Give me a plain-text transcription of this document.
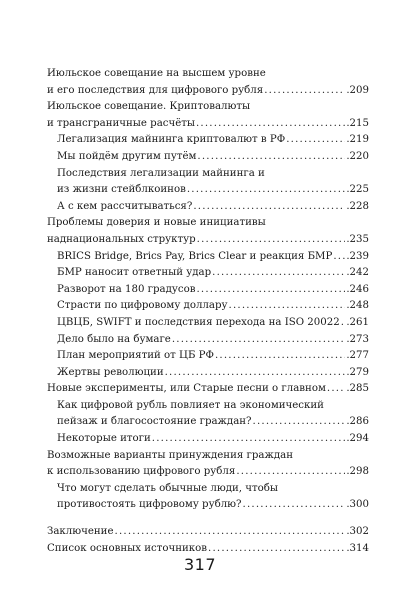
Июльское совещание на высшем уровне
и его последствия для цифрового рубля .....	.209
Июльское совещание. Криптовалюты
и трансграничные расчёты .....	.215
Легализация майнинга криптовалют в РФ .....	.219
Мы пойдём другим путём .....	.220
Последствия легализации майнинга и
из жизни стейблкоинов .....	.225
А с кем рассчитываться? .....	.228
Проблемы доверия и новые инициативы
наднациональных структур .....	.235
BRICS Bridge, Brics Pay, Brics Clear и реакция БМР ..... .239
БМР наносит ответный удар .....	.242
Разворот на 180 градусов .....	.246
Страсти по цифровому доллару .....	.248
ЦВЦБ, SWIFT и последствия перехода на ISO 20022 ..... .261
Дело было на бумаге .....	.273
План мероприятий от ЦБ РФ .....	.277
Жертвы революции .....	.279
Новые эксперименты, или Старые песни о главном ..... .285
Как цифровой рубль повлияет на экономический
пейзаж и благосостояние граждан? .....	.286
Некоторые итоги .....	.294
Возможные варианты принуждения граждан
к использованию цифрового рубля .....	.298
Что могут сделать обычные люди, чтобы
противостоять цифровому рублю? .....	.300
Заключение .....	.302
Список основных источников .....	.314
317
